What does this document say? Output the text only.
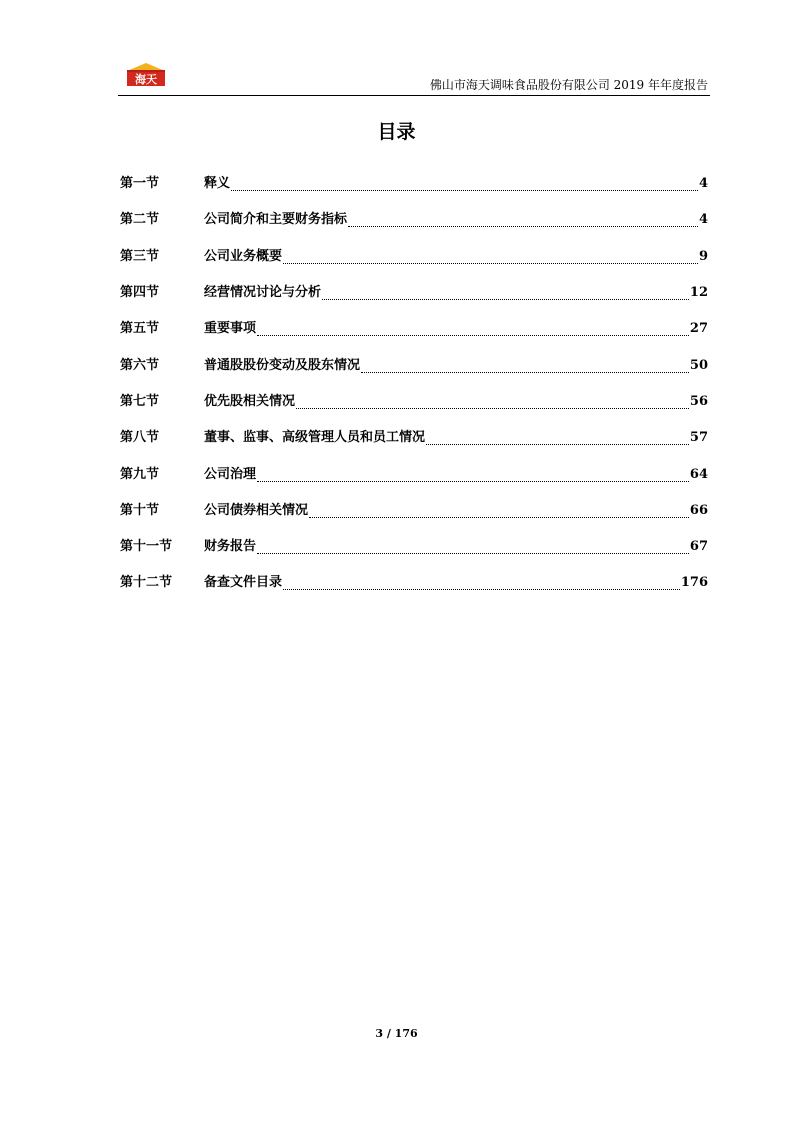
海天	佛山市海天调味食品股份有限公司 2019 年年度报告
目录
第一节	释义	4
第二节	公司简介和主要财务指标	4
第三节	公司业务概要	9
第四节	经营情况讨论与分析	12
第五节	重要事项	27
第六节	普通股股份变动及股东情况	50
第七节	优先股相关情况	56
第八节	董事、监事、高级管理人员和员工情况	57
第九节	公司治理	64
第十节	公司债券相关情况	66
第十一节	财务报告	67
第十二节	备查文件目录	176
3 / 176
